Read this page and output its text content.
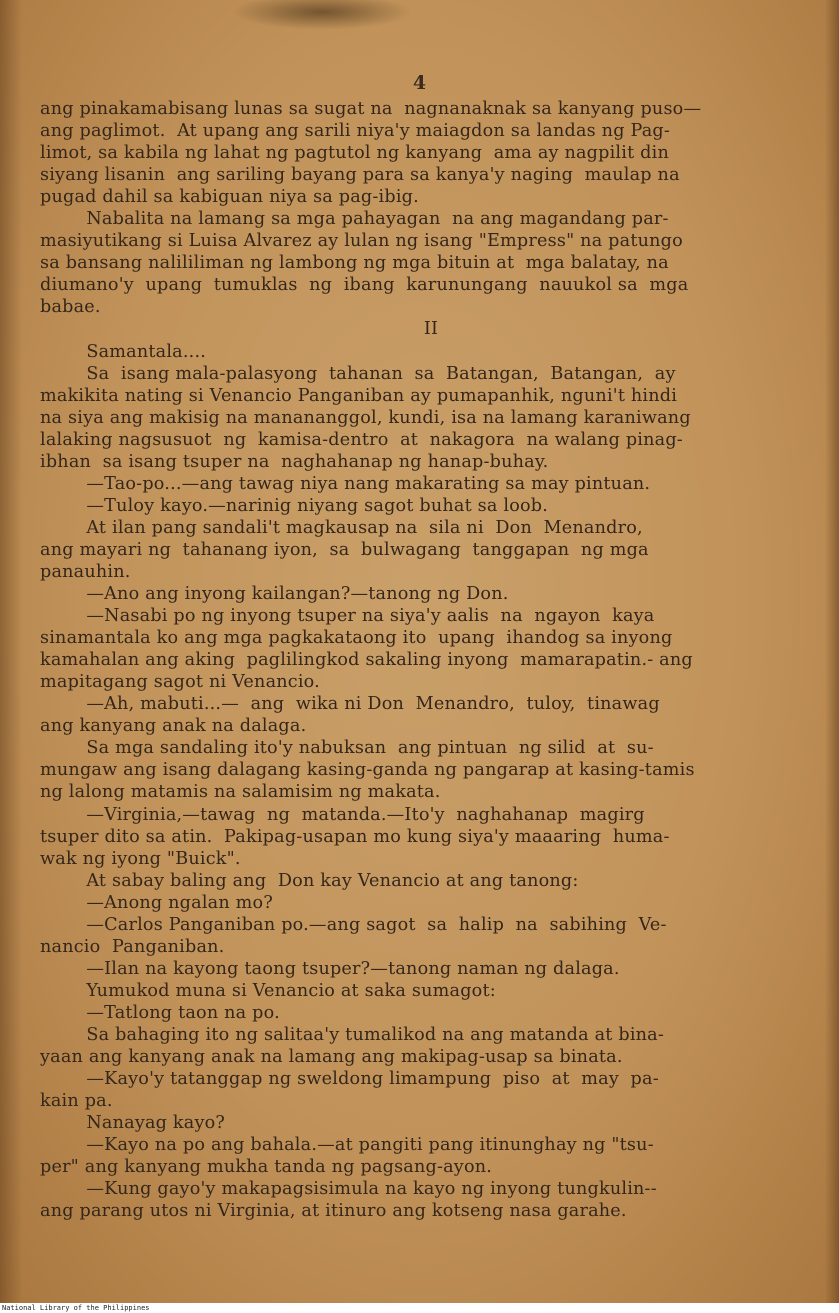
4
ang pinakamabisang lunas sa sugat na  nagnanaknak sa kanyang puso—
ang paglimot.  At upang ang sarili niya'y maiagdon sa landas ng Pag-
limot, sa kabila ng lahat ng pagtutol ng kanyang  ama ay nagpilit din
siyang lisanin  ang sariling bayang para sa kanya'y naging  maulap na
pugad dahil sa kabiguan niya sa pag-ibig.
Nabalita na lamang sa mga pahayagan  na ang magandang par-
masiyutikang si Luisa Alvarez ay lulan ng isang "Empress" na patungo
sa bansang nalililiman ng lambong ng mga bituin at  mga balatay, na
diumano'y  upang  tumuklas  ng  ibang  karunungang  nauukol sa  mga
babae.
II
Samantala....
Sa  isang mala-palasyong  tahanan  sa  Batangan,  Batangan,  ay
makikita nating si Venancio Panganiban ay pumapanhik, nguni't hindi
na siya ang makisig na manananggol, kundi, isa na lamang karaniwang
lalaking nagsusuot  ng  kamisa-dentro  at  nakagora  na walang pinag-
ibhan  sa isang tsuper na  naghahanap ng hanap-buhay.
—Tao-po...—ang tawag niya nang makarating sa may pintuan.
—Tuloy kayo.—narinig niyang sagot buhat sa loob.
At ilan pang sandali't magkausap na  sila ni  Don  Menandro,
ang mayari ng  tahanang iyon,  sa  bulwagang  tanggapan  ng mga
panauhin.
—Ano ang inyong kailangan?—tanong ng Don.
—Nasabi po ng inyong tsuper na siya'y aalis  na  ngayon  kaya
sinamantala ko ang mga pagkakataong ito  upang  ihandog sa inyong
kamahalan ang aking  paglilingkod sakaling inyong  mamarapatin.- ang
mapitagang sagot ni Venancio.
—Ah, mabuti...—  ang  wika ni Don  Menandro,  tuloy,  tinawag
ang kanyang anak na dalaga.
Sa mga sandaling ito'y nabuksan  ang pintuan  ng silid  at  su-
mungaw ang isang dalagang kasing-ganda ng pangarap at kasing-tamis
ng lalong matamis na salamisim ng makata.
—Virginia,—tawag  ng  matanda.—Ito'y  naghahanap  magirg
tsuper dito sa atin.  Pakipag-usapan mo kung siya'y maaaring  huma-
wak ng iyong "Buick".
At sabay baling ang  Don kay Venancio at ang tanong:
—Anong ngalan mo?
—Carlos Panganiban po.—ang sagot  sa  halip  na  sabihing  Ve-
nancio  Panganiban.
—Ilan na kayong taong tsuper?—tanong naman ng dalaga.
Yumukod muna si Venancio at saka sumagot:
—Tatlong taon na po.
Sa bahaging ito ng salitaa'y tumalikod na ang matanda at bina-
yaan ang kanyang anak na lamang ang makipag-usap sa binata.
—Kayo'y tatanggap ng sweldong limampung  piso  at  may  pa-
kain pa.
Nanayag kayo?
—Kayo na po ang bahala.—at pangiti pang itinunghay ng "tsu-
per" ang kanyang mukha tanda ng pagsang-ayon.
—Kung gayo'y makapagsisimula na kayo ng inyong tungkulin--
ang parang utos ni Virginia, at itinuro ang kotseng nasa garahe.
National Library of the Philippines
